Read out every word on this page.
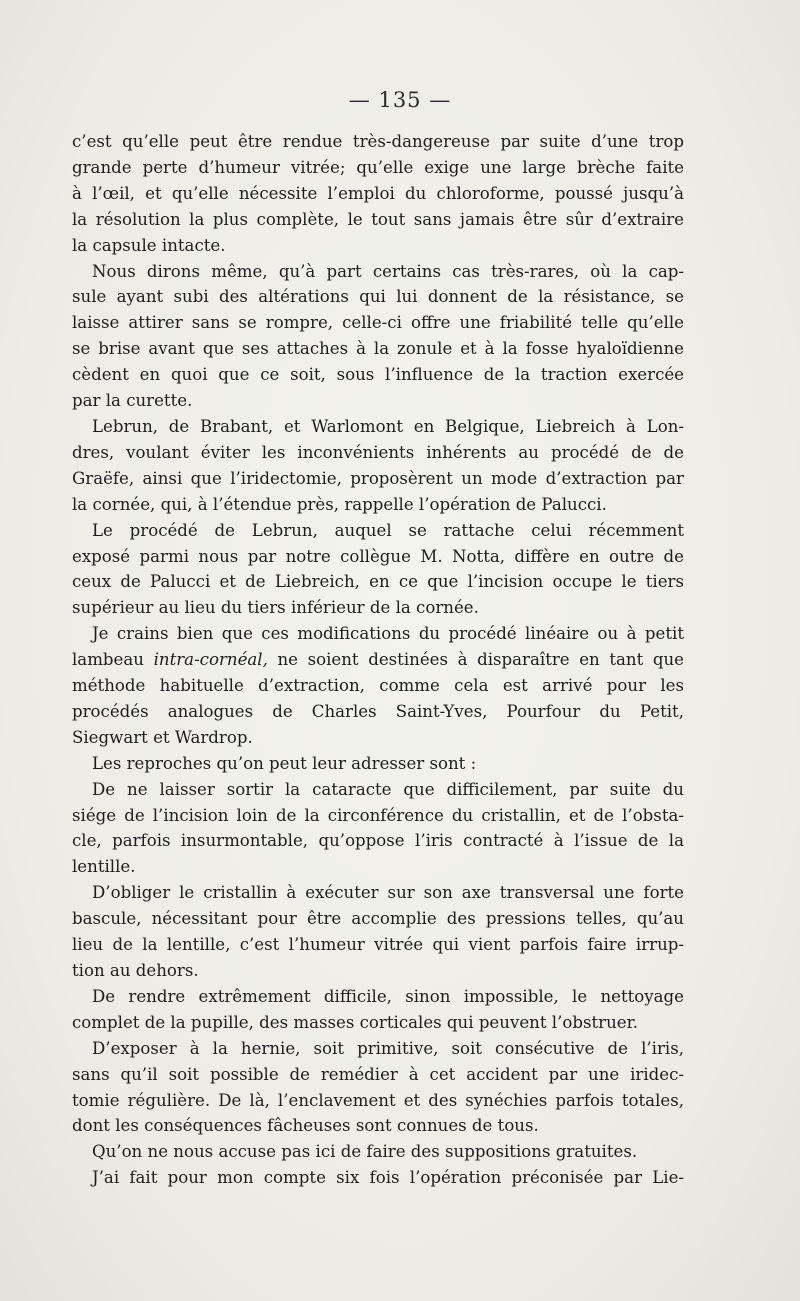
— 135 —
c’est qu’elle peut être rendue très-dangereuse par suite d’une trop
grande perte d’humeur vitrée; qu’elle exige une large brèche faite
à l’œil, et qu’elle nécessite l’emploi du chloroforme, poussé jusqu’à
la résolution la plus complète, le tout sans jamais être sûr d’extraire
la capsule intacte.
Nous dirons même, qu’à part certains cas très-rares, où la cap-
sule ayant subi des altérations qui lui donnent de la résistance, se
laisse attirer sans se rompre, celle-ci offre une friabilité telle qu’elle
se brise avant que ses attaches à la zonule et à la fosse hyaloïdienne
cèdent en quoi que ce soit, sous l’influence de la traction exercée
par la curette.
Lebrun, de Brabant, et Warlomont en Belgique, Liebreich à Lon-
dres, voulant éviter les inconvénients inhérents au procédé de de
Graëfe, ainsi que l’iridectomie, proposèrent un mode d’extraction par
la cornée, qui, à l’étendue près, rappelle l’opération de Palucci.
Le procédé de Lebrun, auquel se rattache celui récemment
exposé parmi nous par notre collègue M. Notta, diffère en outre de
ceux de Palucci et de Liebreich, en ce que l’incision occupe le tiers
supérieur au lieu du tiers inférieur de la cornée.
Je crains bien que ces modifications du procédé linéaire ou à petit
lambeau intra-cornéal, ne soient destinées à disparaître en tant que
méthode habituelle d’extraction, comme cela est arrivé pour les
procédés analogues de Charles Saint-Yves, Pourfour du Petit,
Siegwart et Wardrop.
Les reproches qu’on peut leur adresser sont :
De ne laisser sortir la cataracte que difficilement, par suite du
siége de l’incision loin de la circonférence du cristallin, et de l’obsta-
cle, parfois insurmontable, qu’oppose l’iris contracté à l’issue de la
lentille.
D’obliger le cristallin à exécuter sur son axe transversal une forte
bascule, nécessitant pour être accomplie des pressions telles, qu’au
lieu de la lentille, c’est l’humeur vitrée qui vient parfois faire irrup-
tion au dehors.
De rendre extrêmement difficile, sinon impossible, le nettoyage
complet de la pupille, des masses corticales qui peuvent l’obstruer.
D’exposer à la hernie, soit primitive, soit consécutive de l’iris,
sans qu’il soit possible de remédier à cet accident par une iridec-
tomie régulière. De là, l’enclavement et des synéchies parfois totales,
dont les conséquences fâcheuses sont connues de tous.
Qu’on ne nous accuse pas ici de faire des suppositions gratuites.
J’ai fait pour mon compte six fois l’opération préconisée par Lie-
